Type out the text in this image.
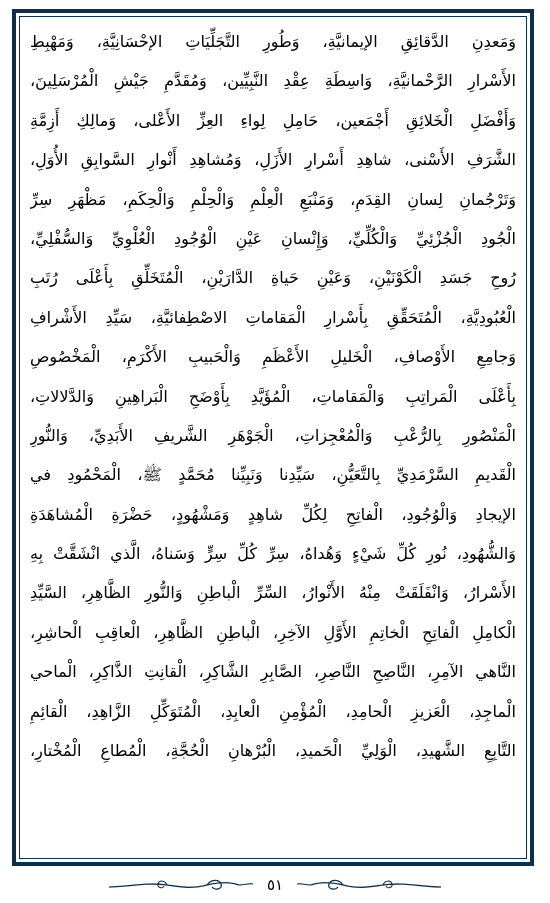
وَمَعدِنِ الدَّقائِقِ الإيمانيَّةِ، وَطُورِ التَّجَلِّيَاتِ الإحْسَانِيَّةِ، وَمَهْبِطِ
الأَسْرارِ الرَّحْمانيَّةِ، وَاسِطَةِ عِقْدِ النَّبِيِّين، وَمُقَدَّمِ جَيْشِ الْمُرْسَلِينَ،
وَأَفْضَلِ الْخَلائِقِ أَجْمَعين، حَامِلِ لِواءِ العِزِّ الأَعْلى، وَمالِكِ أَزِمَّةِ
الشَّرَفِ الأَسْنى، شاهِدِ أَسْرارِ الأَزَلِ، وَمُشاهِدِ أَنْوارِ السَّوابِقِ الأُوَلِ،
وَتَرْجُمانِ لِسانِ القِدَمِ، وَمَنْبَعِ الْعِلْمِ وَالْحِلْمِ وَالْحِكَمِ، مَظْهَرِ سِرِّ
الْجُودِ الْجُزْئِيِّ وَالْكُلِّيِّ، وَإِنْسانِ عَيْنِ الْوُجُودِ الْعُلْوِيِّ وَالسُّفْلِيِّ،
رُوحِ جَسَدِ الْكَوْنَيْنِ، وَعَيْنِ حَياةِ الدَّارَيْنِ، الْمُتَخَلِّقِ بِأَعْلَى رُتَبِ
الْعُبُودِيَّةِ، الْمُتَحَقِّقِ بِأَسْرارِ الْمَقاماتِ الاصْطِفائيَّةِ، سَيِّدِ الأَشْرافِ
وَجامِعِ الأَوْصافِ، الْخَليلِ الأَعْظَمِ وَالْحَبيبِ الأَكْرَمِ، الْمَخْصُوصِ
بِأَعْلَى الْمَراتِبِ وَالْمَقاماتِ، الْمُؤَيَّدِ بِأَوْضَحِ الْبَراهِينِ وَالدَّلالاتِ،
الْمَنْصُورِ بِالرُّعْبِ وَالْمُعْجِزاتِ، الْجَوْهَرِ الشَّريفِ الأَبَدِيِّ، وَالنُّورِ
الْقَديمِ السَّرْمَدِيِّ بِالتَّعَيُّنِ، سَيِّدِنا وَنَبِيِّنا مُحَمَّدٍ ﷺ، الْمَحْمُودِ في
الإيجادِ وَالْوُجُودِ، الْفاتِحِ لِكُلِّ شاهِدٍ وَمَشْهُودٍ، حَضْرَةِ الْمُشاهَدَةِ
وَالشُّهُودِ، نُورِ كُلِّ شَيْءٍ وَهُداهُ، سِرِّ كُلِّ سِرٍّ وَسَناهُ، الَّذي انْشَقَّتْ بِهِ
الأَسْرارُ، وَانْفَلَقَتْ مِنْهُ الأَنْوارُ، السِّرِّ الْباطِنِ وَالنُّورِ الظَّاهِرِ، السَّيِّدِ
الْكامِلِ الْفاتِحِ الْخاتِمِ الأَوَّلِ الآخِرِ، الْباطِنِ الظَّاهِرِ، الْعاقِبِ الْحاشِرِ،
النَّاهي الآمِرِ، النَّاصِحِ النَّاصِرِ، الصَّابِرِ الشَّاكِرِ، الْقانِتِ الذَّاكِرِ، الْماحي
الْماجِدِ، الْعَزيزِ الْحامِدِ، الْمُؤْمِنِ الْعابِدِ، الْمُتَوَكِّلِ الزَّاهِدِ، الْقائِمِ
التَّابِعِ الشَّهيدِ، الْوَلِيِّ الْحَميدِ، الْبُرْهانِ الْحُجَّةِ، الْمُطاعِ الْمُخْتارِ،
٥١
